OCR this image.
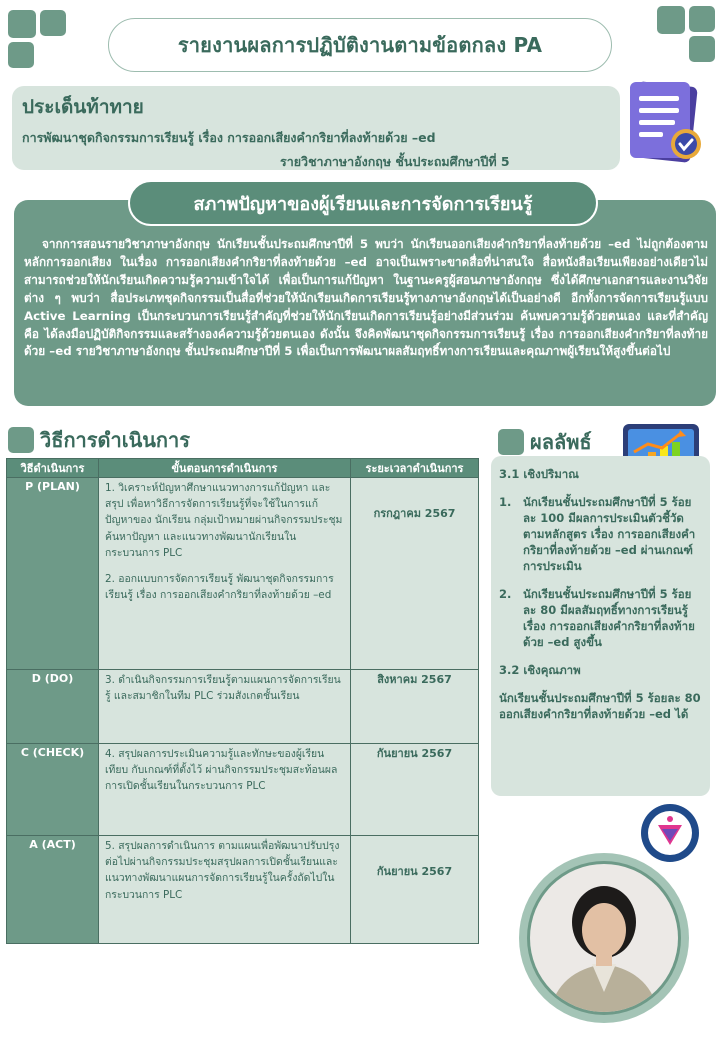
รายงานผลการปฏิบัติงานตามข้อตกลง PA
ประเด็นท้าทาย
การพัฒนาชุดกิจกรรมการเรียนรู้ เรื่อง การออกเสียงคำกริยาที่ลงท้ายด้วย –ed
รายวิชาภาษาอังกฤษ ชั้นประถมศึกษาปีที่ 5
สภาพปัญหาของผู้เรียนและการจัดการเรียนรู้
จากการสอนรายวิชาภาษาอังกฤษ นักเรียนชั้นประถมศึกษาปีที่ 5 พบว่า นักเรียนออกเสียงคำกริยาที่ลงท้ายด้วย –ed ไม่ถูกต้องตามหลักการออกเสียง ในเรื่อง การออกเสียงคำกริยาที่ลงท้ายด้วย –ed อาจเป็นเพราะขาดสื่อที่น่าสนใจ สื่อหนังสือเรียนเพียงอย่างเดียวไม่สามารถช่วยให้นักเรียนเกิดความรู้ความเข้าใจได้ เพื่อเป็นการแก้ปัญหา ในฐานะครูผู้สอนภาษาอังกฤษ ซึ่งได้ศึกษาเอกสารและงานวิจัยต่าง ๆ พบว่า สื่อประเภทชุดกิจกรรมเป็นสื่อที่ช่วยให้นักเรียนเกิดการเรียนรู้ทางภาษาอังกฤษได้เป็นอย่างดี อีกทั้งการจัดการเรียนรู้แบบ Active Learning เป็นกระบวนการเรียนรู้สำคัญที่ช่วยให้นักเรียนเกิดการเรียนรู้อย่างมีส่วนร่วม ค้นพบความรู้ด้วยตนเอง และที่สำคัญคือ ได้ลงมือปฏิบัติกิจกรรมและสร้างองค์ความรู้ด้วยตนเอง ดังนั้น จึงคิดพัฒนาชุดกิจกรรมการเรียนรู้ เรื่อง การออกเสียงคำกริยาที่ลงท้ายด้วย –ed รายวิชาภาษาอังกฤษ ชั้นประถมศึกษาปีที่ 5 เพื่อเป็นการพัฒนาผลสัมฤทธิ์ทางการเรียนและคุณภาพผู้เรียนให้สูงขึ้นต่อไป
วิธีการดำเนินการ
วิธีดำเนินการ	ขั้นตอนการดำเนินการ	ระยะเวลาดำเนินการ
P (PLAN)	1. วิเคราะห์ปัญหาศึกษาแนวทางการแก้ปัญหา และสรุป เพื่อหาวิธีการจัดการเรียนรู้ที่จะใช้ในการแก้ปัญหาของ นักเรียน กลุ่มเป้าหมายผ่านกิจกรรมประชุมค้นหาปัญหา และแนวทางพัฒนานักเรียนใน กระบวนการ PLC

2. ออกแบบการจัดการเรียนรู้ พัฒนาชุดกิจกรรมการเรียนรู้ เรื่อง การออกเสียงคำกริยาที่ลงท้ายด้วย –ed	กรกฎาคม 2567
D (DO)	3. ดำเนินกิจกรรมการเรียนรู้ตามแผนการจัดการเรียนรู้ และสมาชิกในทีม PLC ร่วมสังเกตชั้นเรียน	สิงหาคม 2567
C (CHECK)	4. สรุปผลการประเมินความรู้และทักษะของผู้เรียนเทียบ กับเกณฑ์ที่ตั้งไว้ ผ่านกิจกรรมประชุมสะท้อนผลการเปิดชั้นเรียนในกระบวนการ PLC	กันยายน 2567
A (ACT)	5. สรุปผลการดำเนินการ ตามแผนเพื่อพัฒนาปรับปรุง ต่อไปผ่านกิจกรรมประชุมสรุปผลการเปิดชั้นเรียนและ แนวทางพัฒนาแผนการจัดการเรียนรู้ในครั้งถัดไปในกระบวนการ PLC	กันยายน 2567
ผลลัพธ์
3.1 เชิงปริมาณ
1.	นักเรียนชั้นประถมศึกษาปีที่ 5 ร้อยละ 100 มีผลการประเมินตัวชี้วัดตามหลักสูตร เรื่อง การออกเสียงคำกริยาที่ลงท้ายด้วย –ed ผ่านเกณฑ์การประเมิน
2.	นักเรียนชั้นประถมศึกษาปีที่ 5 ร้อยละ 80 มีผลสัมฤทธิ์ทางการเรียนรู้ เรื่อง การออกเสียงคำกริยาที่ลงท้ายด้วย –ed สูงขึ้น
3.2 เชิงคุณภาพ
นักเรียนชั้นประถมศึกษาปีที่ 5 ร้อยละ 80 ออกเสียงคำกริยาที่ลงท้ายด้วย –ed ได้
